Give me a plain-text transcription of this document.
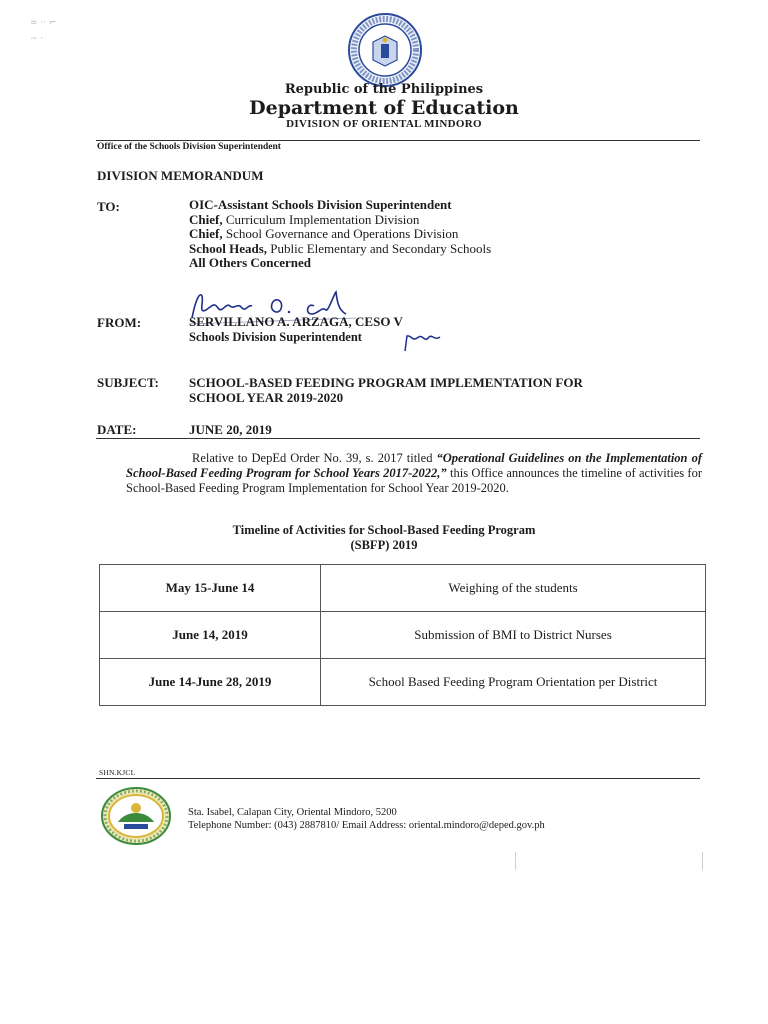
= ·· ⌐
~ ·
Republic of the Philippines
Department of Education
DIVISION OF ORIENTAL MINDORO
Office of the Schools Division Superintendent
DIVISION MEMORANDUM
TO:	OIC-Assistant Schools Division Superintendent
Chief, Curriculum Implementation Division
Chief, School Governance and Operations Division
School Heads, Public Elementary and Secondary Schools
All Others Concerned
FROM:	SERVILLANO A. ARZAGA, CESO V
Schools Division Superintendent
SUBJECT: SCHOOL-BASED FEEDING PROGRAM IMPLEMENTATION FOR
SCHOOL YEAR 2019-2020
DATE:	JUNE 20, 2019
Relative to DepEd Order No. 39, s. 2017 titled “Operational Guidelines on the Implementation of School-Based Feeding Program for School Years 2017-2022,” this Office announces the timeline of activities for School-Based Feeding Program Implementation for School Year 2019-2020.
Timeline of Activities for School-Based Feeding Program
(SBFP) 2019
May 15-June 14	Weighing of the students
June 14, 2019	Submission of BMI to District Nurses
June 14-June 28, 2019	School Based Feeding Program Orientation per District
SHN.KJCL
Sta. Isabel, Calapan City, Oriental Mindoro, 5200
Telephone Number: (043) 2887810/ Email Address: oriental.mindoro@deped.gov.ph
